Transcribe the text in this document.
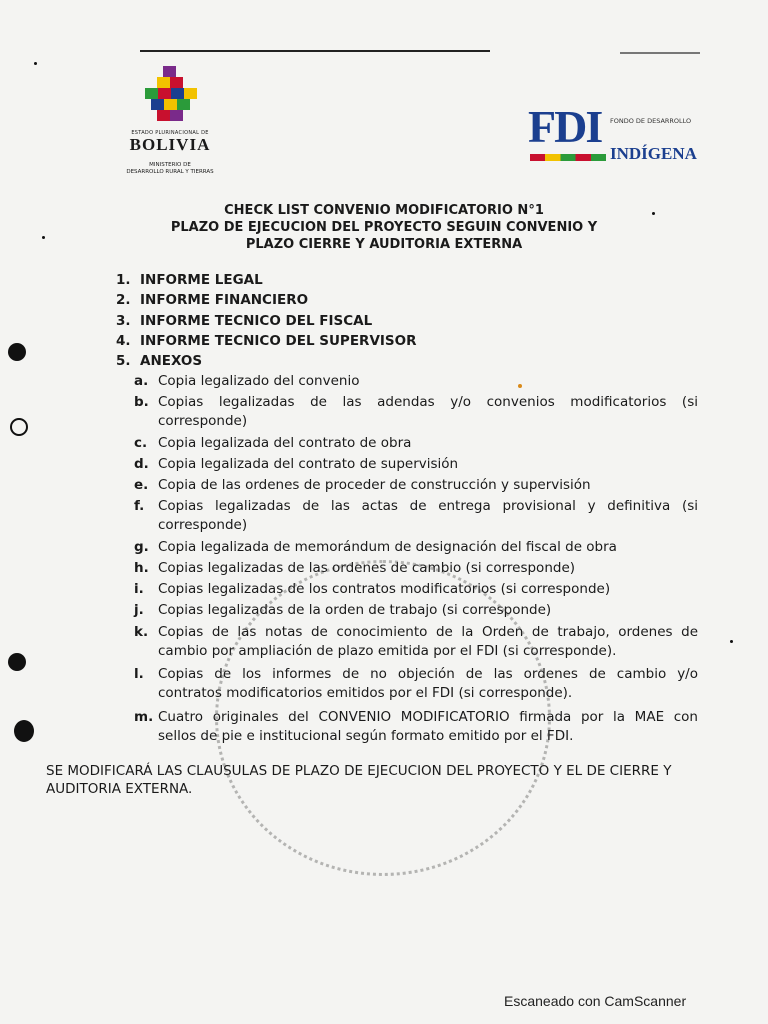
ESTADO PLURINACIONAL DE
BOLIVIA
MINISTERIO DE
DESARROLLO RURAL Y TIERRAS
FDI FONDO DE DESARROLLO
INDÍGENA
CHECK LIST CONVENIO MODIFICATORIO N°1
PLAZO DE EJECUCION DEL PROYECTO SEGUIN CONVENIO Y
PLAZO CIERRE Y AUDITORIA EXTERNA
1. INFORME LEGAL
2. INFORME FINANCIERO
3. INFORME TECNICO DEL FISCAL
4. INFORME TECNICO DEL SUPERVISOR
5. ANEXOS
a. Copia legalizado del convenio
b. Copias legalizadas de las adendas y/o convenios modificatorios (si
corresponde)
c. Copia legalizada del contrato de obra
d. Copia legalizada del contrato de supervisión
e. Copia de las ordenes de proceder de construcción y supervisión
f. Copias legalizadas de las actas de entrega provisional y definitiva (si
corresponde)
g. Copia legalizada de memorándum de designación del fiscal de obra
h. Copias legalizadas de las ordenes de cambio (si corresponde)
i. Copias legalizadas de los contratos modificatorios (si corresponde)
j. Copias legalizadas de la orden de trabajo (si corresponde)
k. Copias de las notas de conocimiento de la Orden de trabajo, ordenes de
cambio por ampliación de plazo emitida por el FDI (si corresponde).
l. Copias de los informes de no objeción de las ordenes de cambio y/o
contratos modificatorios emitidos por el FDI (si corresponde).
m. Cuatro originales del CONVENIO MODIFICATORIO firmada por la MAE con
sellos de pie e institucional según formato emitido por el FDI.
SE MODIFICARÁ LAS CLAUSULAS DE PLAZO DE EJECUCION DEL PROYECTO Y EL DE CIERRE Y
AUDITORIA EXTERNA.
Escaneado con CamScanner
